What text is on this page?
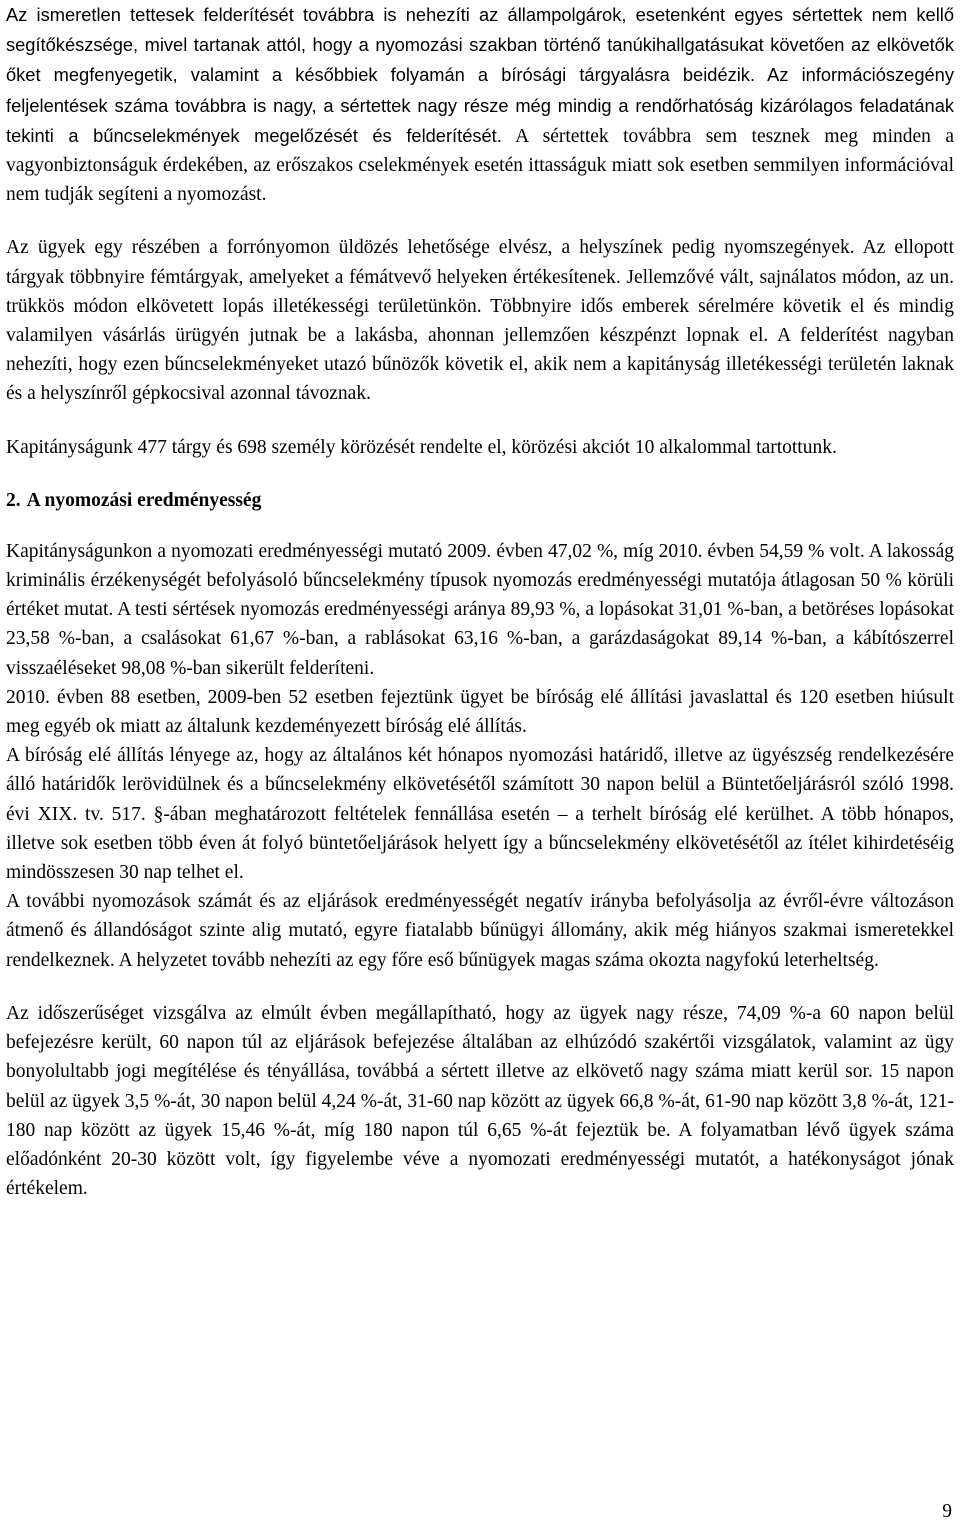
Az ismeretlen tettesek felderítését továbbra is nehezíti az állampolgárok, esetenként egyes sértettek nem kellő segítőkészsége, mivel tartanak attól, hogy a nyomozási szakban történő tanúkihallgatásukat követően az elkövetők őket megfenyegetik, valamint a későbbiek folyamán a bírósági tárgyalásra beidézik. Az információszegény feljelentések száma továbbra is nagy, a sértettek nagy része még mindig a rendőrhatóság kizárólagos feladatának tekinti a bűncselekmények megelőzését és felderítését. A sértettek továbbra sem tesznek meg minden a vagyonbiztonságuk érdekében, az erőszakos cselekmények esetén ittasságuk miatt sok esetben semmilyen információval nem tudják segíteni a nyomozást.

Az ügyek egy részében a forrónyomon üldözés lehetősége elvész, a helyszínek pedig nyomszegények. Az ellopott tárgyak többnyire fémtárgyak, amelyeket a fémátvevő helyeken értékesítenek. Jellemzővé vált, sajnálatos módon, az un. trükkös módon elkövetett lopás illetékességi területünkön. Többnyire idős emberek sérelmére követik el és mindig valamilyen vásárlás ürügyén jutnak be a lakásba, ahonnan jellemzően készpénzt lopnak el. A felderítést nagyban nehezíti, hogy ezen bűncselekményeket utazó bűnözők követik el, akik nem a kapitányság illetékességi területén laknak és a helyszínről gépkocsival azonnal távoznak.

Kapitányságunk 477 tárgy és 698 személy körözését rendelte el, körözési akciót 10 alkalommal tartottunk.

2. A nyomozási eredményesség

Kapitányságunkon a nyomozati eredményességi mutató 2009. évben 47,02 %, míg 2010. évben 54,59 % volt. A lakosság kriminális érzékenységét befolyásoló bűncselekmény típusok nyomozás eredményességi mutatója átlagosan 50 % körüli értéket mutat. A testi sértések nyomozás eredményességi aránya 89,93 %, a lopásokat 31,01 %-ban, a betöréses lopásokat 23,58 %-ban, a csalásokat 61,67 %-ban, a rablásokat 63,16 %-ban, a garázdaságokat 89,14 %-ban, a kábítószerrel visszaéléseket 98,08 %-ban sikerült felderíteni.

2010. évben 88 esetben, 2009-ben 52 esetben fejeztünk ügyet be bíróság elé állítási javaslattal és 120 esetben hiúsult meg egyéb ok miatt az általunk kezdeményezett bíróság elé állítás.

A bíróság elé állítás lényege az, hogy az általános két hónapos nyomozási határidő, illetve az ügyészség rendelkezésére álló határidők lerövidülnek és a bűncselekmény elkövetésétől számított 30 napon belül a Büntetőeljárásról szóló 1998. évi XIX. tv. 517. §-ában meghatározott feltételek fennállása esetén – a terhelt bíróság elé kerülhet. A több hónapos, illetve sok esetben több éven át folyó büntetőeljárások helyett így a bűncselekmény elkövetésétől az ítélet kihirdetéséig mindösszesen 30 nap telhet el.

A további nyomozások számát és az eljárások eredményességét negatív irányba befolyásolja az évről-évre változáson átmenő és állandóságot szinte alig mutató, egyre fiatalabb bűnügyi állomány, akik még hiányos szakmai ismeretekkel rendelkeznek. A helyzetet tovább nehezíti az egy főre eső bűnügyek magas száma okozta nagyfokú leterheltség.

Az időszerűséget vizsgálva az elmúlt évben megállapítható, hogy az ügyek nagy része, 74,09 %-a 60 napon belül befejezésre került, 60 napon túl az eljárások befejezése általában az elhúzódó szakértői vizsgálatok, valamint az ügy bonyolultabb jogi megítélése és tényállása, továbbá a sértett illetve az elkövető nagy száma miatt kerül sor. 15 napon belül az ügyek 3,5 %-át, 30 napon belül 4,24 %-át, 31-60 nap között az ügyek 66,8 %-át, 61-90 nap között 3,8 %-át, 121-180 nap között az ügyek 15,46 %-át, míg 180 napon túl 6,65 %-át fejeztük be. A folyamatban lévő ügyek száma előadónként 20-30 között volt, így figyelembe véve a nyomozati eredményességi mutatót, a hatékonyságot jónak értékelem.

9
